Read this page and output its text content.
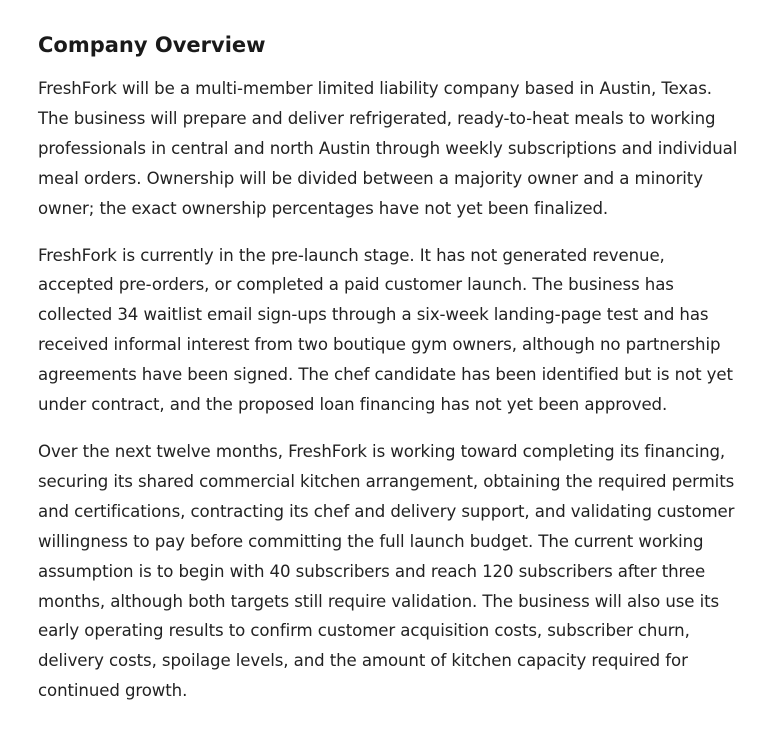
Company Overview

FreshFork will be a multi-member limited liability company based in Austin, Texas. The business will prepare and deliver refrigerated, ready-to-heat meals to working professionals in central and north Austin through weekly subscriptions and individual meal orders. Ownership will be divided between a majority owner and a minority owner; the exact ownership percentages have not yet been finalized.

FreshFork is currently in the pre-launch stage. It has not generated revenue, accepted pre-orders, or completed a paid customer launch. The business has collected 34 waitlist email sign-ups through a six-week landing-page test and has received informal interest from two boutique gym owners, although no partnership agreements have been signed. The chef candidate has been identified but is not yet under contract, and the proposed loan financing has not yet been approved.

Over the next twelve months, FreshFork is working toward completing its financing, securing its shared commercial kitchen arrangement, obtaining the required permits and certifications, contracting its chef and delivery support, and validating customer willingness to pay before committing the full launch budget. The current working assumption is to begin with 40 subscribers and reach 120 subscribers after three months, although both targets still require validation. The business will also use its early operating results to confirm customer acquisition costs, subscriber churn, delivery costs, spoilage levels, and the amount of kitchen capacity required for continued growth.
